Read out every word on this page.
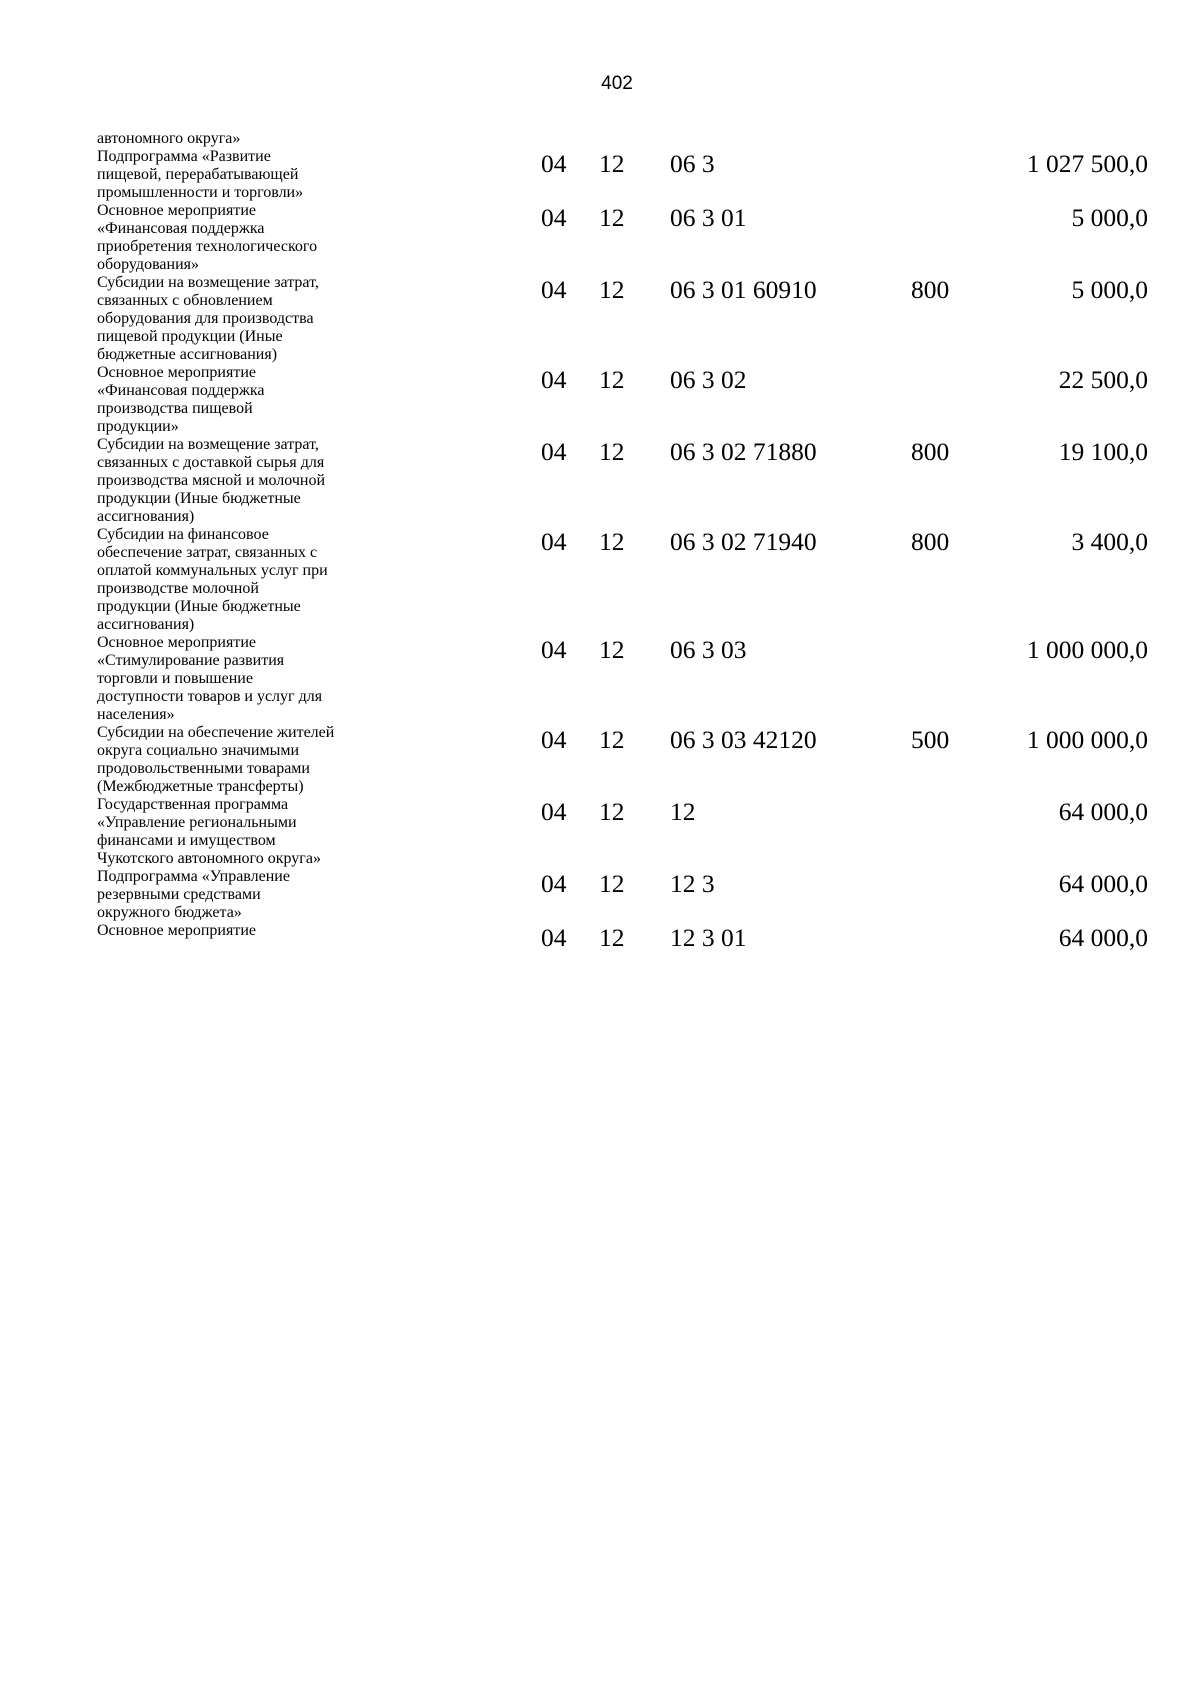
402
автономного округа»
Подпрограмма «Развитие
пищевой, перерабатывающей
промышленности и торговли»
04 12 06 3	1 027 500,0
Основное мероприятие
«Финансовая поддержка
приобретения технологического
оборудования»
04 12 06 3 01	5 000,0
Субсидии на возмещение затрат,
связанных с обновлением
оборудования для производства
пищевой продукции (Иные
бюджетные ассигнования)
04 12 06 3 01 60910	800	5 000,0
Основное мероприятие
«Финансовая поддержка
производства пищевой
продукции»
04 12 06 3 02	22 500,0
Субсидии на возмещение затрат,
связанных с доставкой сырья для
производства мясной и молочной
продукции (Иные бюджетные
ассигнования)
04 12 06 3 02 71880	800	19 100,0
Субсидии на финансовое
обеспечение затрат, связанных с
оплатой коммунальных услуг при
производстве молочной
продукции (Иные бюджетные
ассигнования)
04 12 06 3 02 71940	800	3 400,0
Основное мероприятие
«Стимулирование развития
торговли и повышение
доступности товаров и услуг для
населения»
04 12 06 3 03	1 000 000,0
Субсидии на обеспечение жителей
округа социально значимыми
продовольственными товарами
(Межбюджетные трансферты)
04 12 06 3 03 42120	500	1 000 000,0
Государственная программа
«Управление региональными
финансами и имуществом
Чукотского автономного округа»
04 12 12	64 000,0
Подпрограмма «Управление
резервными средствами
окружного бюджета»
04 12 12 3	64 000,0
Основное мероприятие	04 12 12 3 01	64 000,0
